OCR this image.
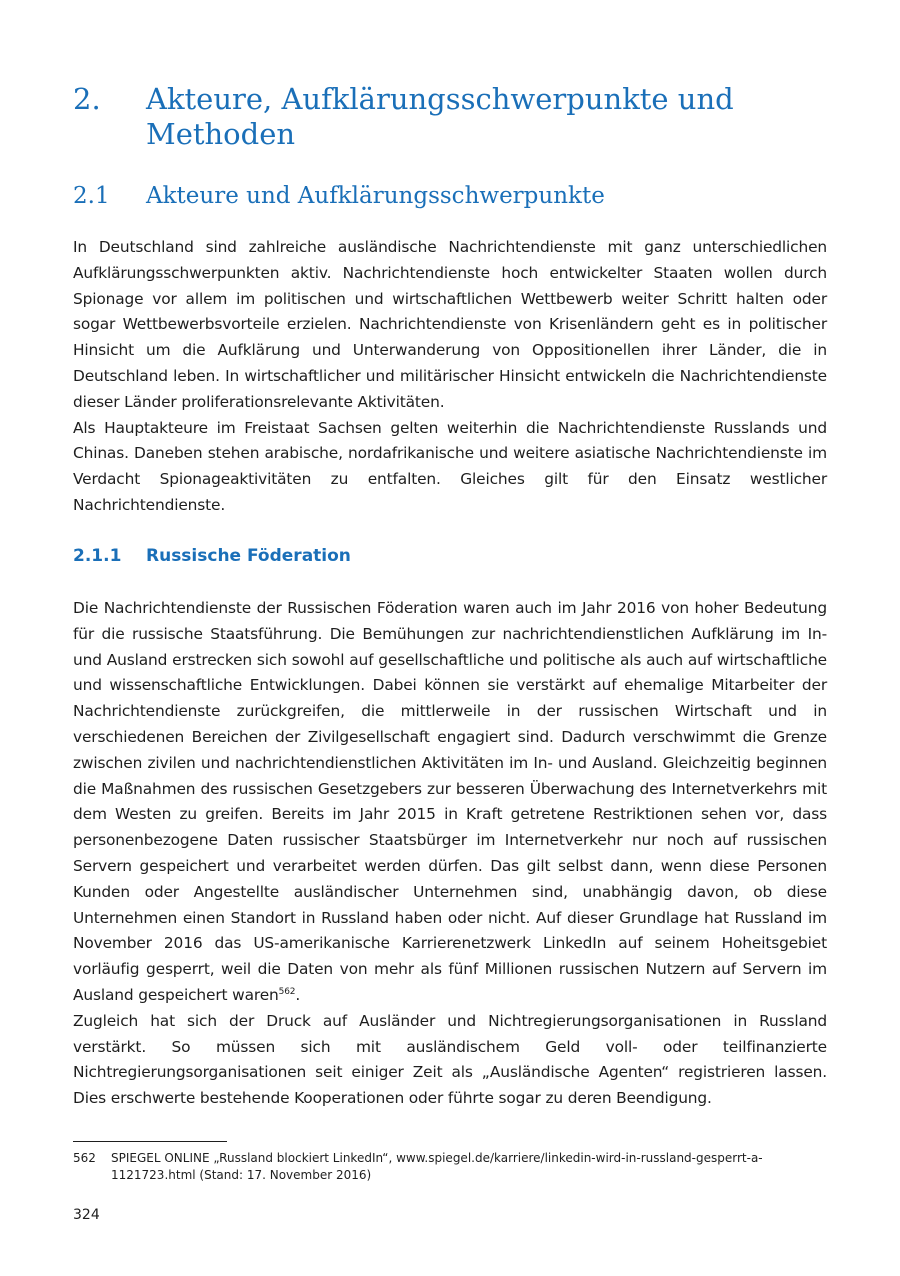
2. Akteure, Aufklärungsschwerpunkte und Methoden
2.1 Akteure und Aufklärungsschwerpunkte

In Deutschland sind zahlreiche ausländische Nachrichtendienste mit ganz unterschiedlichen Aufklärungsschwerpunkten aktiv. Nachrichtendienste hoch entwickelter Staaten wollen durch Spionage vor allem im politischen und wirtschaftlichen Wettbewerb weiter Schritt halten oder sogar Wettbewerbsvorteile erzielen. Nachrichtendienste von Krisenländern geht es in politischer Hinsicht um die Aufklärung und Unterwanderung von Oppositionellen ihrer Länder, die in Deutschland leben. In wirtschaftlicher und militärischer Hinsicht entwickeln die Nachrichtendienste dieser Länder proliferationsrelevante Aktivitäten.

Als Hauptakteure im Freistaat Sachsen gelten weiterhin die Nachrichtendienste Russlands und Chinas. Daneben stehen arabische, nordafrikanische und weitere asiatische Nachrichtendienste im Verdacht Spionageaktivitäten zu entfalten. Gleiches gilt für den Einsatz westlicher Nachrichtendienste.

2.1.1 Russische Föderation

Die Nachrichtendienste der Russischen Föderation waren auch im Jahr 2016 von hoher Bedeutung für die russische Staatsführung. Die Bemühungen zur nachrichtendienstlichen Aufklärung im In- und Ausland erstrecken sich sowohl auf gesellschaftliche und politische als auch auf wirtschaftliche und wissenschaftliche Entwicklungen. Dabei können sie verstärkt auf ehemalige Mitarbeiter der Nachrichtendienste zurückgreifen, die mittlerweile in der russischen Wirtschaft und in verschiedenen Bereichen der Zivilgesellschaft engagiert sind. Dadurch verschwimmt die Grenze zwischen zivilen und nachrichtendienstlichen Aktivitäten im In- und Ausland. Gleichzeitig beginnen die Maßnahmen des russischen Gesetzgebers zur besseren Überwachung des Internetverkehrs mit dem Westen zu greifen. Bereits im Jahr 2015 in Kraft getretene Restriktionen sehen vor, dass personenbezogene Daten russischer Staatsbürger im Internetverkehr nur noch auf russischen Servern gespeichert und verarbeitet werden dürfen. Das gilt selbst dann, wenn diese Personen Kunden oder Angestellte ausländischer Unternehmen sind, unabhängig davon, ob diese Unternehmen einen Standort in Russland haben oder nicht. Auf dieser Grundlage hat Russland im November 2016 das US-amerikanische Karrierenetzwerk LinkedIn auf seinem Hoheitsgebiet vorläufig gesperrt, weil die Daten von mehr als fünf Millionen russischen Nutzern auf Servern im Ausland gespeichert waren$^{562}$.

Zugleich hat sich der Druck auf Ausländer und Nichtregierungsorganisationen in Russland verstärkt. So müssen sich mit ausländischem Geld voll- oder teilfinanzierte Nichtregierungsorganisationen seit einiger Zeit als „Ausländische Agenten“ registrieren lassen. Dies erschwerte bestehende Kooperationen oder führte sogar zu deren Beendigung.

562 SPIEGEL ONLINE „Russland blockiert LinkedIn“, www.spiegel.de/karriere/linkedin-wird-in-russland-gesperrt-a-1121723.html (Stand: 17. November 2016)
324
